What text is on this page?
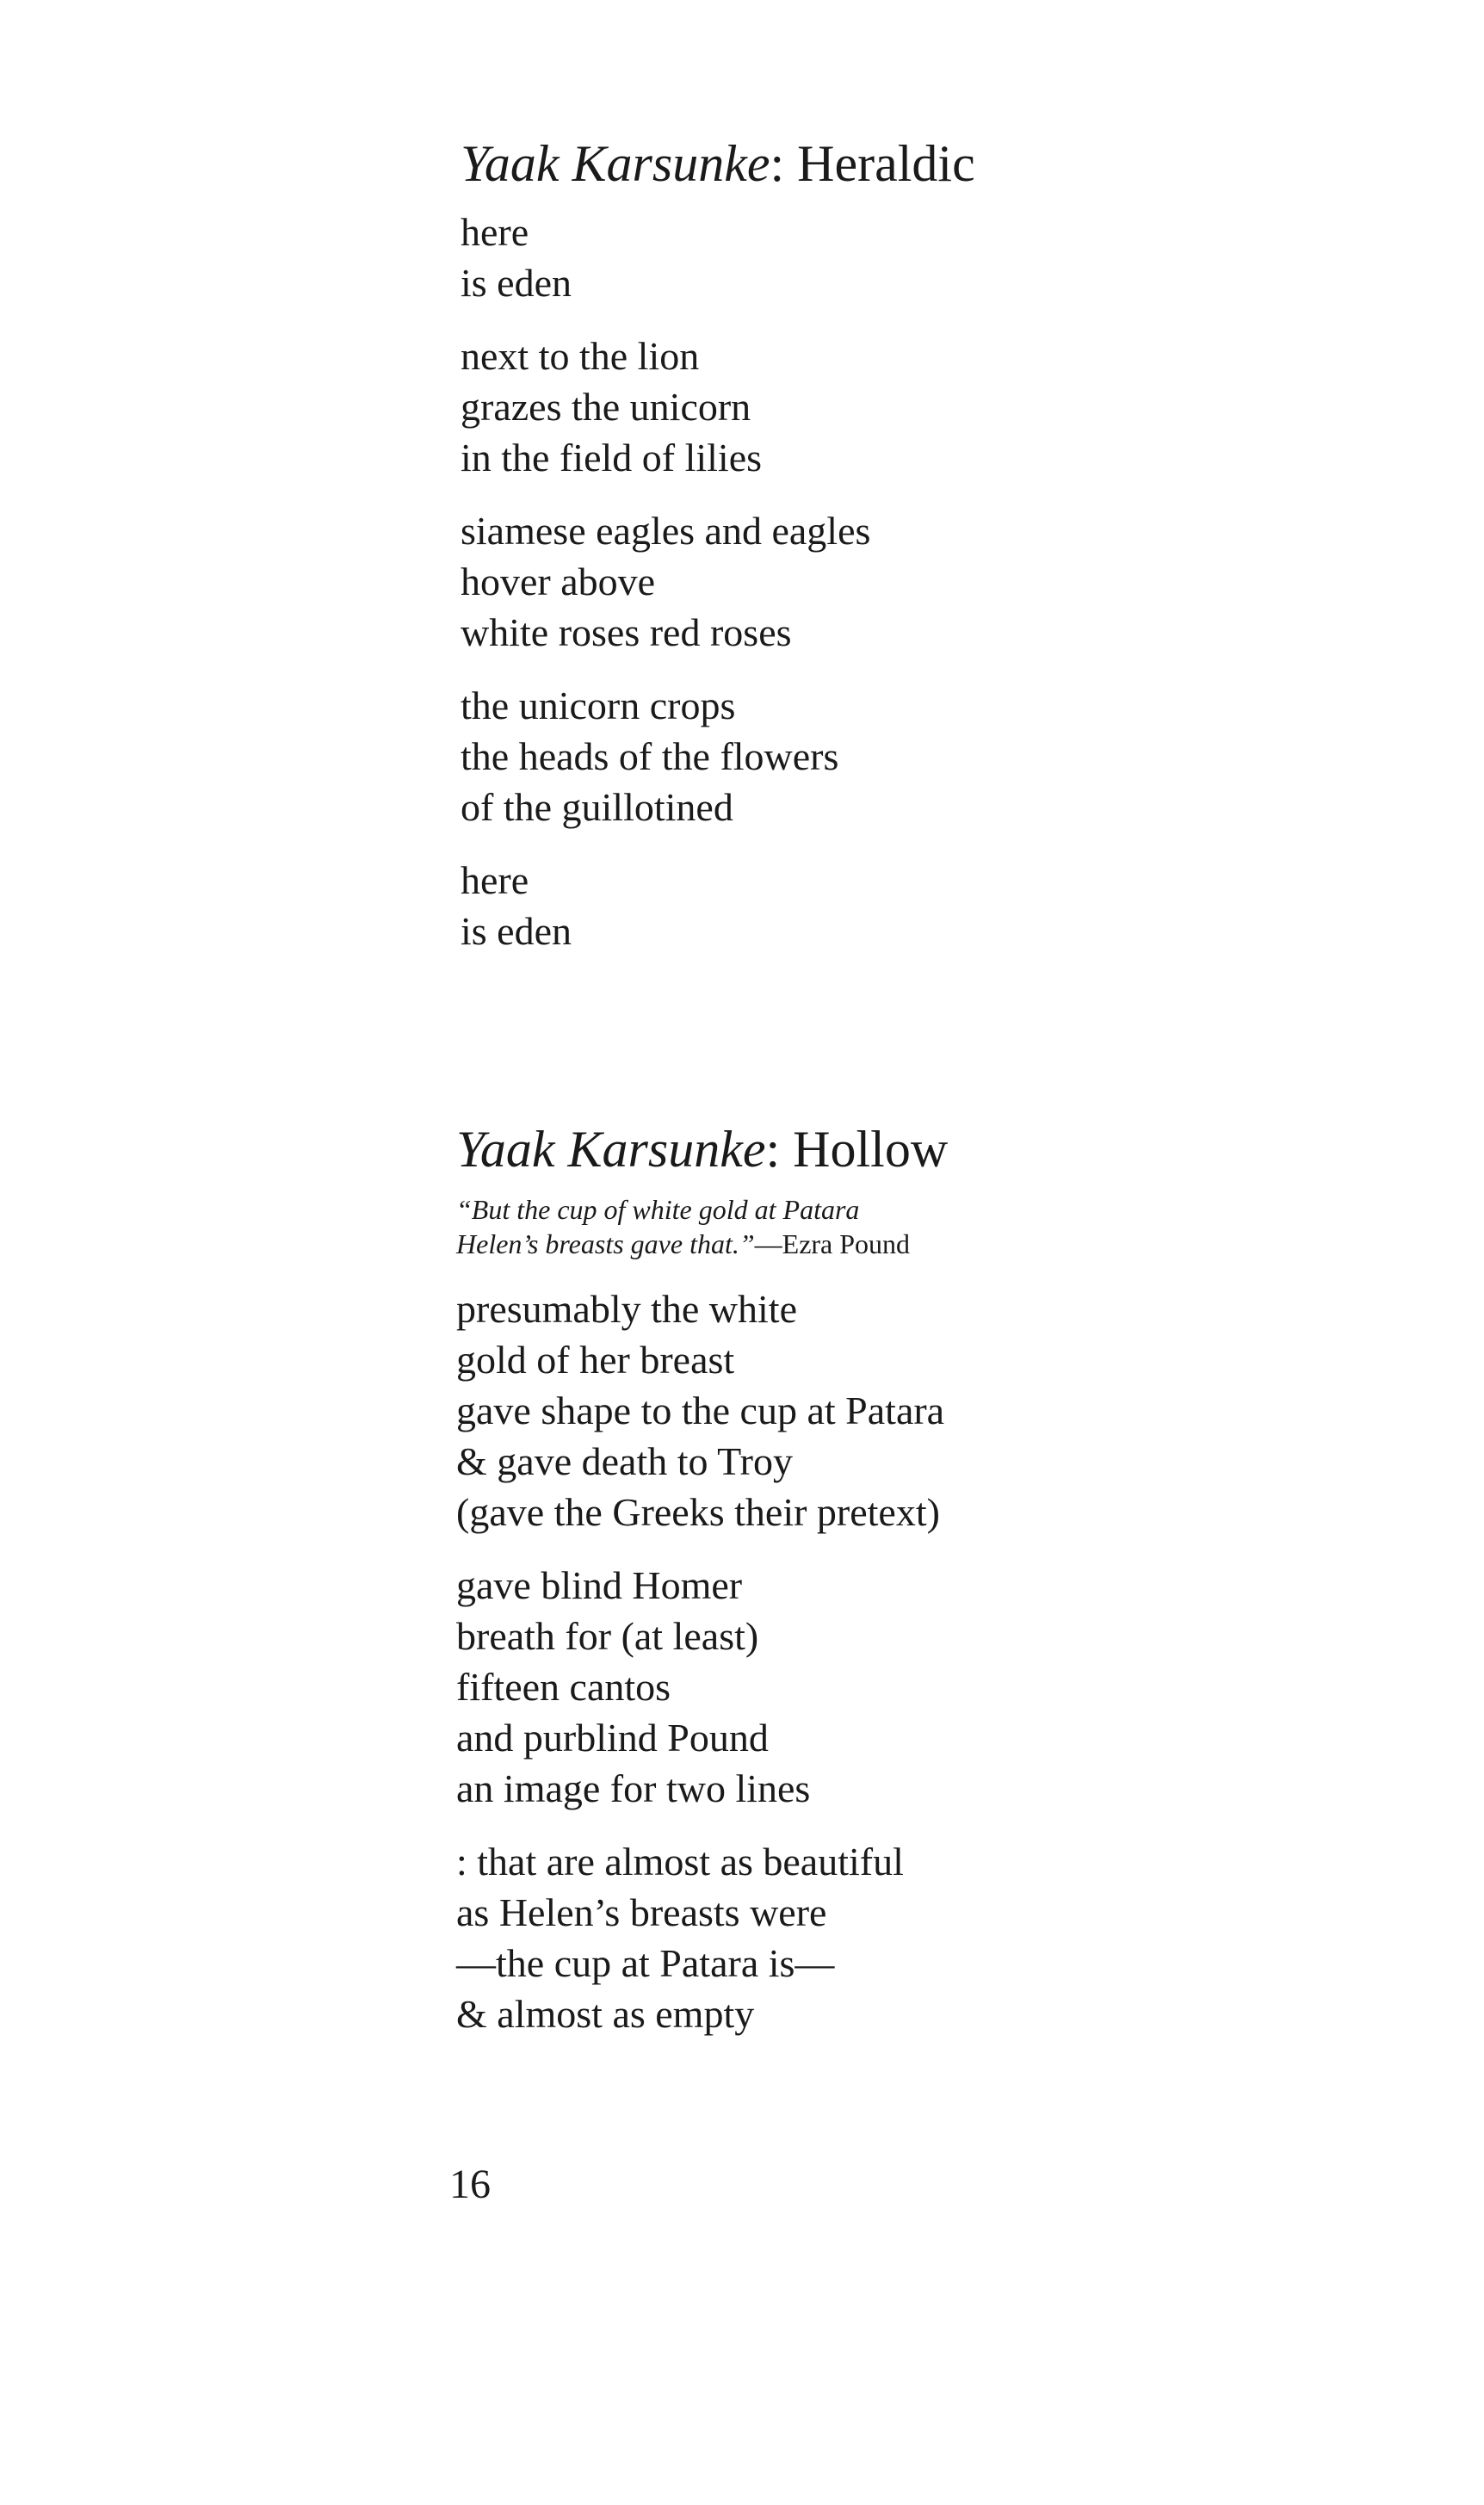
Yaak Karsunke: Heraldic
here
is eden
next to the lion
grazes the unicorn
in the field of lilies
siamese eagles and eagles
hover above
white roses red roses
the unicorn crops
the heads of the flowers
of the guillotined
here
is eden
Yaak Karsunke: Hollow
“But the cup of white gold at Patara
Helen’s breasts gave that.”—Ezra Pound
presumably the white
gold of her breast
gave shape to the cup at Patara
& gave death to Troy
(gave the Greeks their pretext)
gave blind Homer
breath for (at least)
fifteen cantos
and purblind Pound
an image for two lines
: that are almost as beautiful
as Helen’s breasts were
—the cup at Patara is—
& almost as empty
16
